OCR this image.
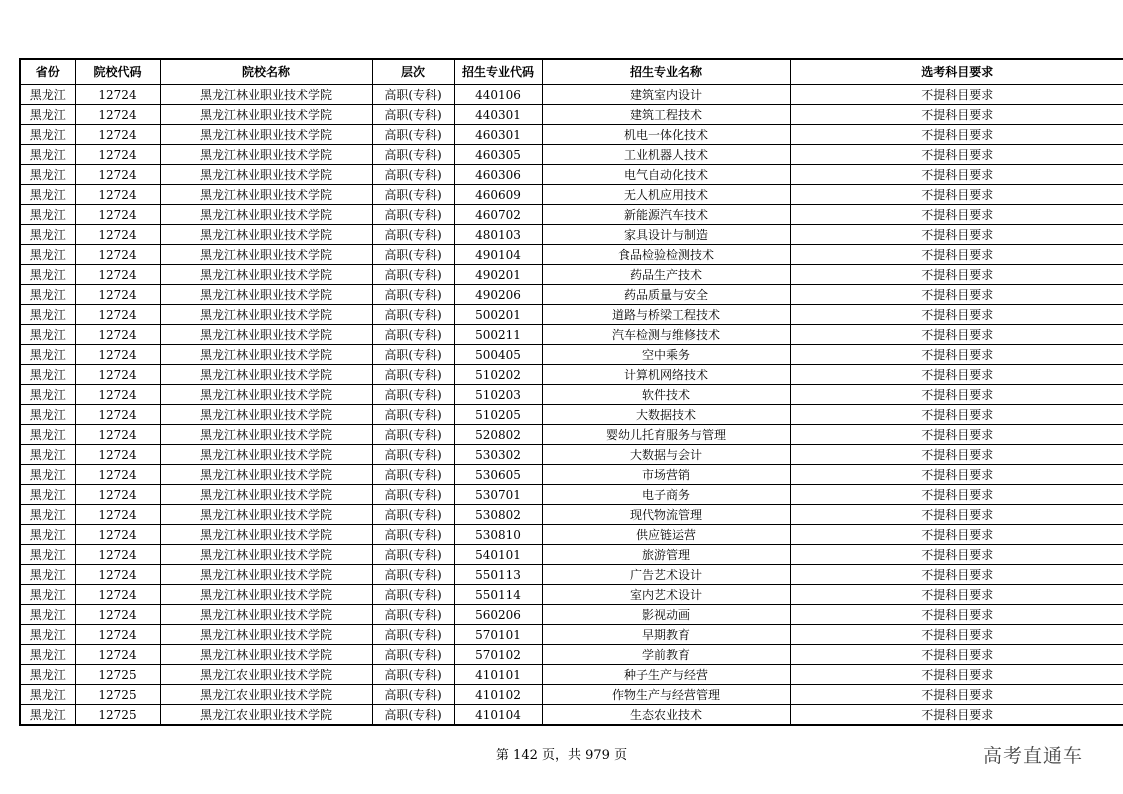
省份	院校代码	院校名称	层次	招生专业代码	招生专业名称	选考科目要求
黑龙江	12724	黑龙江林业职业技术学院	高职(专科)	440106	建筑室内设计	不提科目要求
黑龙江	12724	黑龙江林业职业技术学院	高职(专科)	440301	建筑工程技术	不提科目要求
黑龙江	12724	黑龙江林业职业技术学院	高职(专科)	460301	机电一体化技术	不提科目要求
黑龙江	12724	黑龙江林业职业技术学院	高职(专科)	460305	工业机器人技术	不提科目要求
黑龙江	12724	黑龙江林业职业技术学院	高职(专科)	460306	电气自动化技术	不提科目要求
黑龙江	12724	黑龙江林业职业技术学院	高职(专科)	460609	无人机应用技术	不提科目要求
黑龙江	12724	黑龙江林业职业技术学院	高职(专科)	460702	新能源汽车技术	不提科目要求
黑龙江	12724	黑龙江林业职业技术学院	高职(专科)	480103	家具设计与制造	不提科目要求
黑龙江	12724	黑龙江林业职业技术学院	高职(专科)	490104	食品检验检测技术	不提科目要求
黑龙江	12724	黑龙江林业职业技术学院	高职(专科)	490201	药品生产技术	不提科目要求
黑龙江	12724	黑龙江林业职业技术学院	高职(专科)	490206	药品质量与安全	不提科目要求
黑龙江	12724	黑龙江林业职业技术学院	高职(专科)	500201	道路与桥梁工程技术	不提科目要求
黑龙江	12724	黑龙江林业职业技术学院	高职(专科)	500211	汽车检测与维修技术	不提科目要求
黑龙江	12724	黑龙江林业职业技术学院	高职(专科)	500405	空中乘务	不提科目要求
黑龙江	12724	黑龙江林业职业技术学院	高职(专科)	510202	计算机网络技术	不提科目要求
黑龙江	12724	黑龙江林业职业技术学院	高职(专科)	510203	软件技术	不提科目要求
黑龙江	12724	黑龙江林业职业技术学院	高职(专科)	510205	大数据技术	不提科目要求
黑龙江	12724	黑龙江林业职业技术学院	高职(专科)	520802	婴幼儿托育服务与管理	不提科目要求
黑龙江	12724	黑龙江林业职业技术学院	高职(专科)	530302	大数据与会计	不提科目要求
黑龙江	12724	黑龙江林业职业技术学院	高职(专科)	530605	市场营销	不提科目要求
黑龙江	12724	黑龙江林业职业技术学院	高职(专科)	530701	电子商务	不提科目要求
黑龙江	12724	黑龙江林业职业技术学院	高职(专科)	530802	现代物流管理	不提科目要求
黑龙江	12724	黑龙江林业职业技术学院	高职(专科)	530810	供应链运营	不提科目要求
黑龙江	12724	黑龙江林业职业技术学院	高职(专科)	540101	旅游管理	不提科目要求
黑龙江	12724	黑龙江林业职业技术学院	高职(专科)	550113	广告艺术设计	不提科目要求
黑龙江	12724	黑龙江林业职业技术学院	高职(专科)	550114	室内艺术设计	不提科目要求
黑龙江	12724	黑龙江林业职业技术学院	高职(专科)	560206	影视动画	不提科目要求
黑龙江	12724	黑龙江林业职业技术学院	高职(专科)	570101	早期教育	不提科目要求
黑龙江	12724	黑龙江林业职业技术学院	高职(专科)	570102	学前教育	不提科目要求
黑龙江	12725	黑龙江农业职业技术学院	高职(专科)	410101	种子生产与经营	不提科目要求
黑龙江	12725	黑龙江农业职业技术学院	高职(专科)	410102	作物生产与经营管理	不提科目要求
黑龙江	12725	黑龙江农业职业技术学院	高职(专科)	410104	生态农业技术	不提科目要求
第 142 页，共 979 页	高考直通车
